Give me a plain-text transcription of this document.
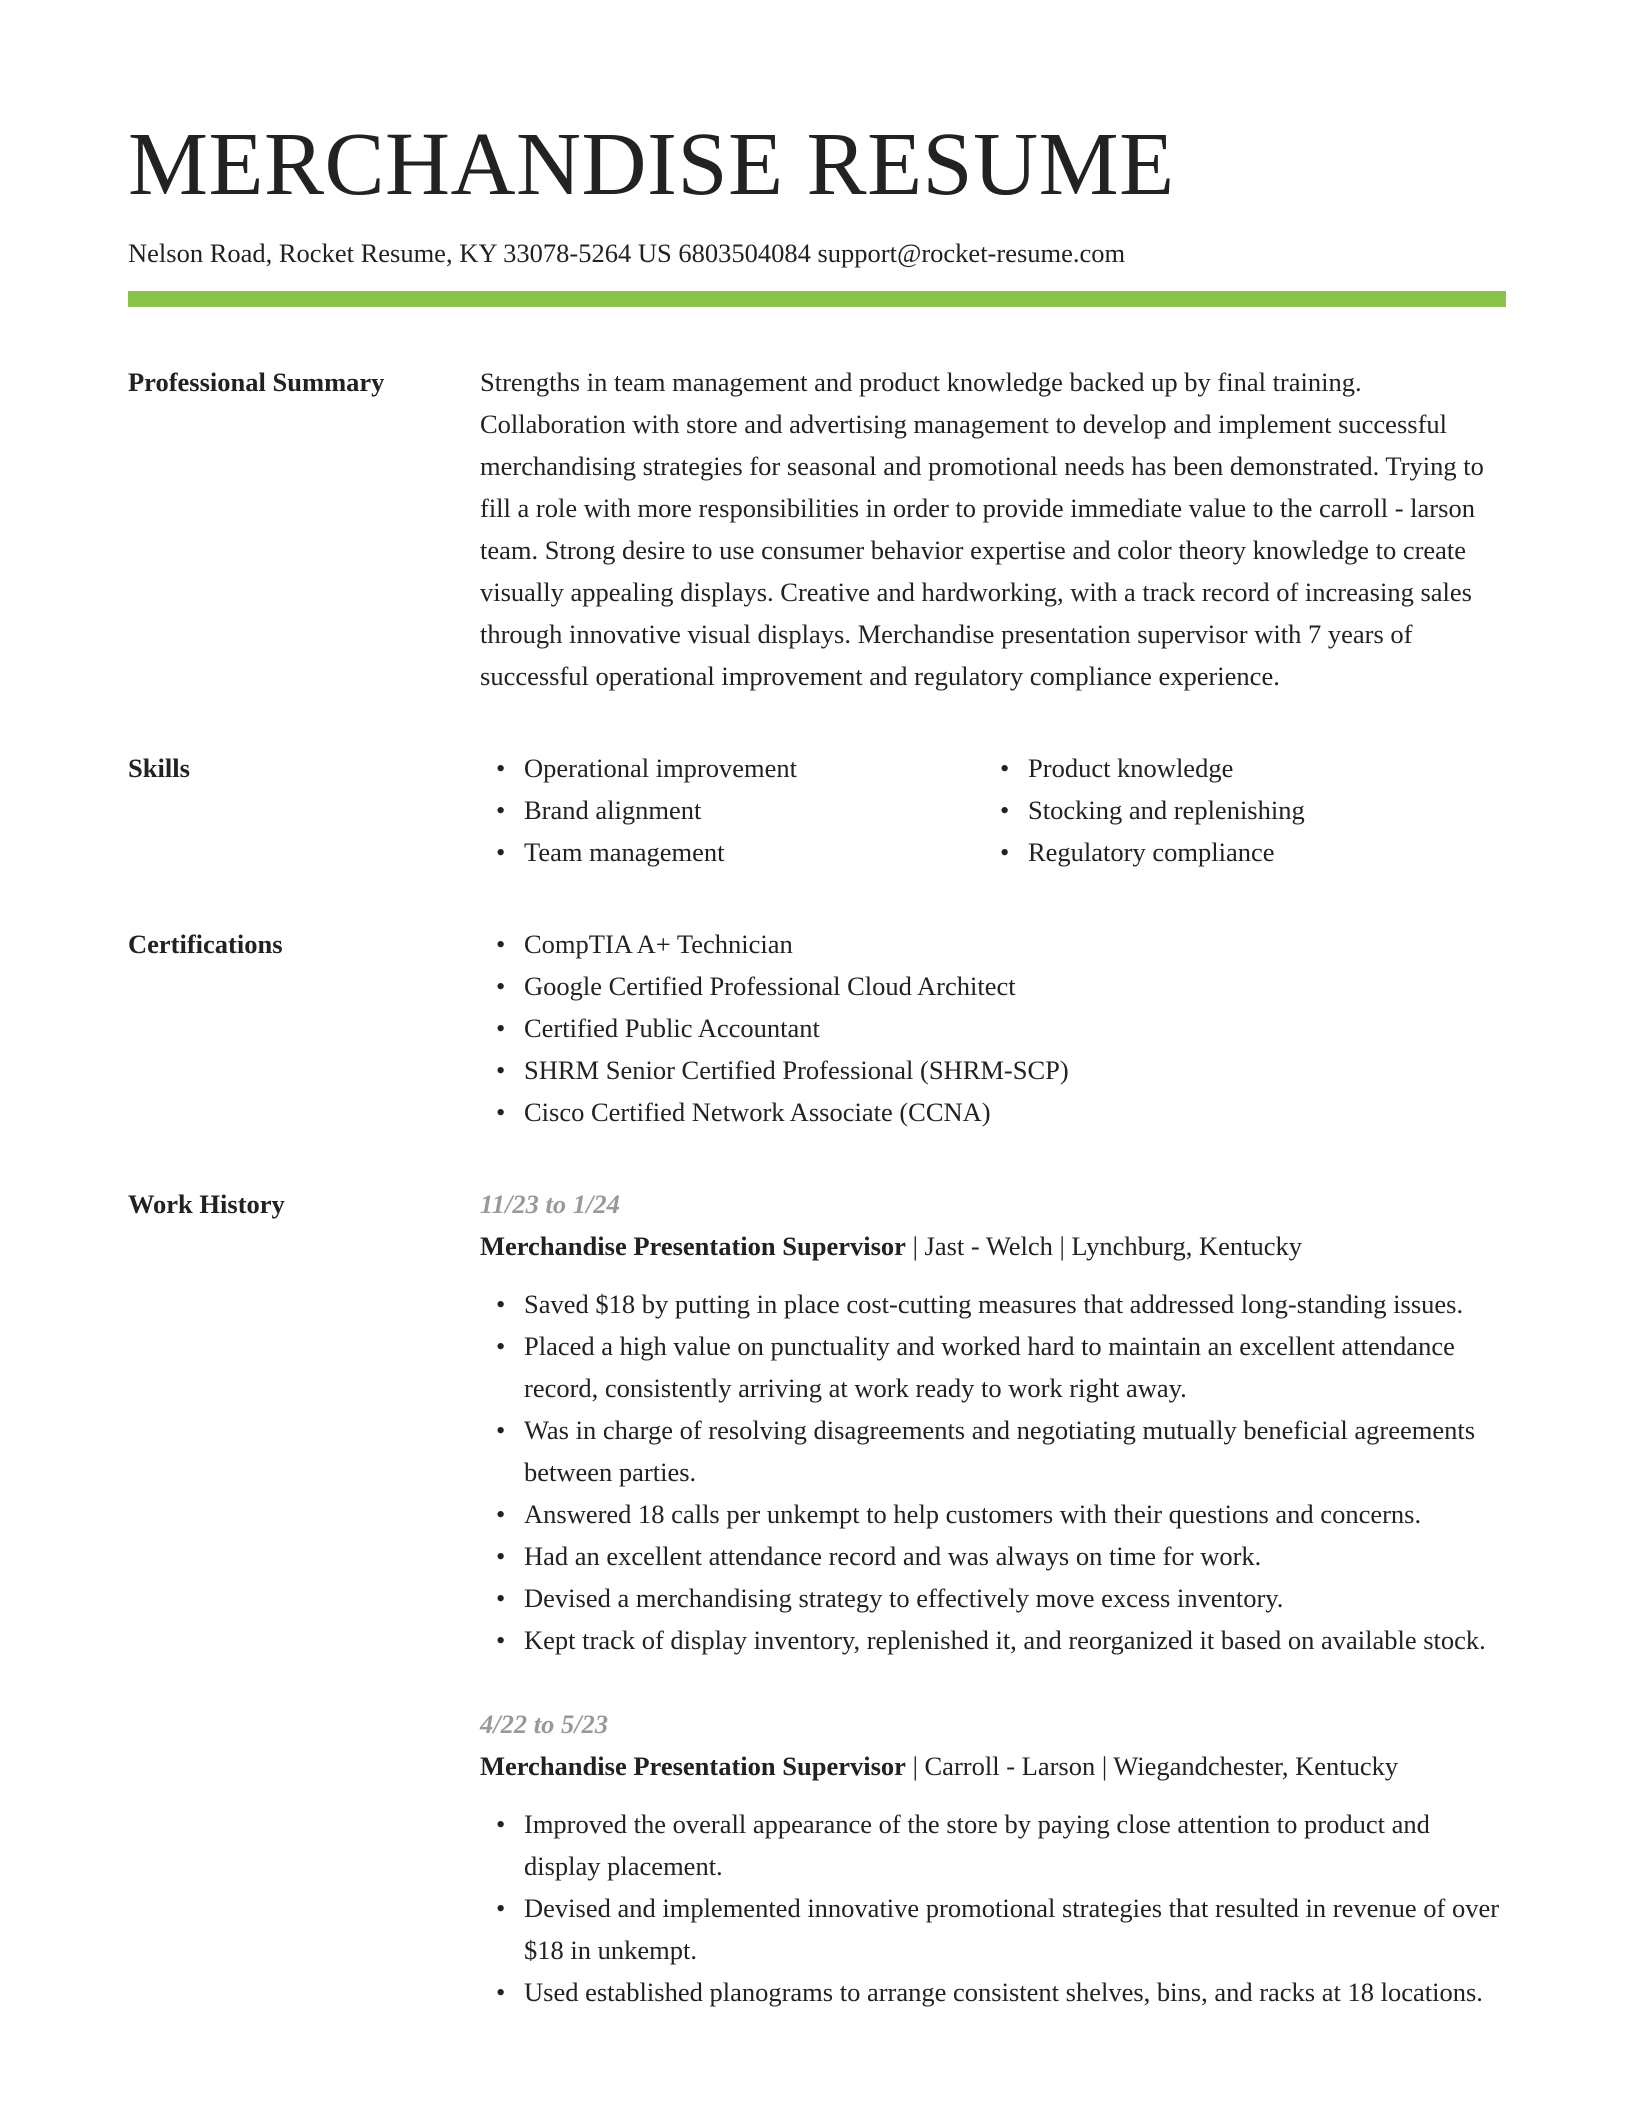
MERCHANDISE RESUME
Nelson Road, Rocket Resume, KY 33078-5264 US 6803504084 support@rocket-resume.com
Professional Summary	Strengths in team management and product knowledge backed up by final training. Collaboration with store and advertising management to develop and implement successful merchandising strategies for seasonal and promotional needs has been demonstrated. Trying to fill a role with more responsibilities in order to provide immediate value to the carroll - larson team. Strong desire to use consumer behavior expertise and color theory knowledge to create visually appealing displays. Creative and hardworking, with a track record of increasing sales through innovative visual displays. Merchandise presentation supervisor with 7 years of successful operational improvement and regulatory compliance experience.
Skills	• Operational improvement	• Product knowledge
• Brand alignment	• Stocking and replenishing
• Team management	• Regulatory compliance
Certifications	• CompTIA A+ Technician
• Google Certified Professional Cloud Architect
• Certified Public Accountant
• SHRM Senior Certified Professional (SHRM-SCP)
• Cisco Certified Network Associate (CCNA)
Work History	11/23 to 1/24
Merchandise Presentation Supervisor | Jast - Welch | Lynchburg, Kentucky
• Saved $18 by putting in place cost-cutting measures that addressed long-standing issues.
• Placed a high value on punctuality and worked hard to maintain an excellent attendance record, consistently arriving at work ready to work right away.
• Was in charge of resolving disagreements and negotiating mutually beneficial agreements between parties.
• Answered 18 calls per unkempt to help customers with their questions and concerns.
• Had an excellent attendance record and was always on time for work.
• Devised a merchandising strategy to effectively move excess inventory.
• Kept track of display inventory, replenished it, and reorganized it based on available stock.
4/22 to 5/23
Merchandise Presentation Supervisor | Carroll - Larson | Wiegandchester, Kentucky
• Improved the overall appearance of the store by paying close attention to product and display placement.
• Devised and implemented innovative promotional strategies that resulted in revenue of over $18 in unkempt.
• Used established planograms to arrange consistent shelves, bins, and racks at 18 locations.
